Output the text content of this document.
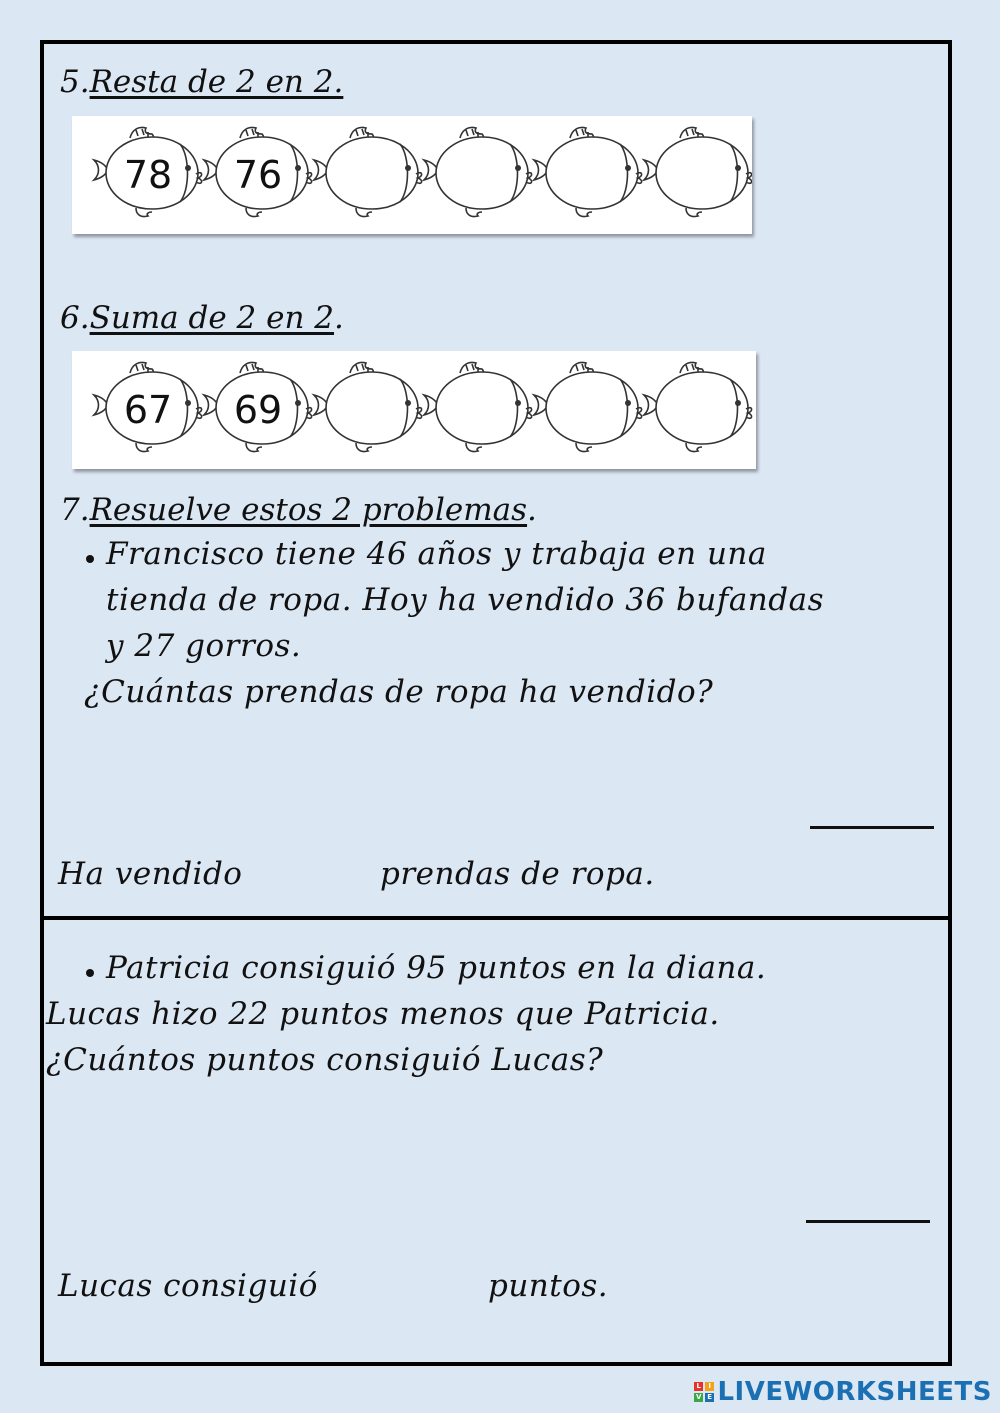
5.Resta de 2 en 2.
78 76
6.Suma de 2 en 2.
67 69
7.Resuelve estos 2 problemas.
Francisco tiene 46 años y trabaja en una
tienda de ropa. Hoy ha vendido 36 bufandas
y 27 gorros.
¿Cuántas prendas de ropa ha vendido?
Ha vendido	prendas de ropa.
Patricia consiguió 95 puntos en la diana.
Lucas hizo 22 puntos menos que Patricia.
¿Cuántos puntos consiguió Lucas?
Lucas consiguió	puntos.
L I
V E LIVEWORKSHEETS
